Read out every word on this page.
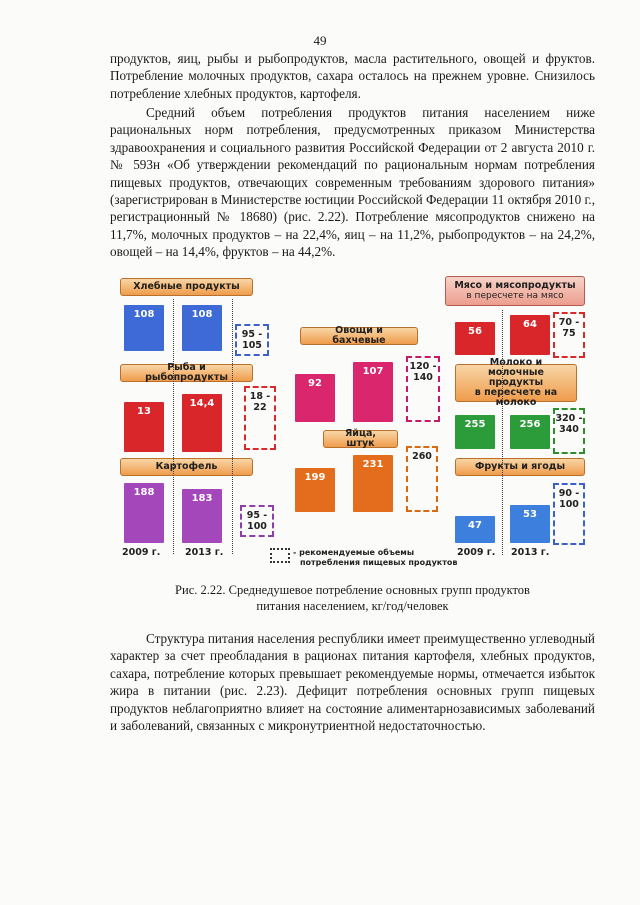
49

продуктов, яиц, рыбы и рыбопродуктов, масла растительного, овощей и фруктов. Потребление молочных продуктов, сахара осталось на прежнем уровне. Снизилось потребление хлебных продуктов, картофеля.

Средний объем потребления продуктов питания населением ниже рациональных норм потребления, предусмотренных приказом Министерства здравоохранения и социального развития Российской Федерации от 2 августа 2010 г. № 593н «Об утверждении рекомендаций по рациональным нормам потребления пищевых продуктов, отвечающих современным требованиям здорового питания» (зарегистрирован в Министерстве юстиции Российской Федерации 11 октября 2010 г., регистрационный № 18680) (рис. 2.22). Потребление мясопродуктов снижено на 11,7%, молочных продуктов – на 22,4%, яиц – на 11,2%, рыбопродуктов – на 24,2%, овощей – на 14,4%, фруктов – на 44,2%.

Хлебные продукты
108	108
95 -
105
Рыба и рыбопродукты
13
14,4
18 -
22
Картофель
188
183
95 -
100
2009 г.	2013 г.
Овощи и бахчевые
92
107	120 -
140
Яйца, штук
199
231
260
- рекомендуемые объемы
потребления пищевых продуктов
Мясо и мясопродукты
в пересчете на мясо
56
64	70 -
75
Молоко и молочные
продукты
в пересчете на молоко
255	256
320 -
340
Фрукты и ягоды
47
53
90 -
100
2009 г. 2013 г.
Рис. 2.22. Среднедушевое потребление основных групп продуктов
питания населением, кг/год/человек

Структура питания населения республики имеет преимущественно углеводный характер за счет преобладания в рационах питания картофеля, хлебных продуктов, сахара, потребление которых превышает рекомендуемые нормы, отмечается избыток жира в питании (рис. 2.23). Дефицит потребления основных групп пищевых продуктов неблагоприятно влияет на состояние алиментарнозависимых заболеваний и заболеваний, связанных с микронутриентной недостаточностью.
